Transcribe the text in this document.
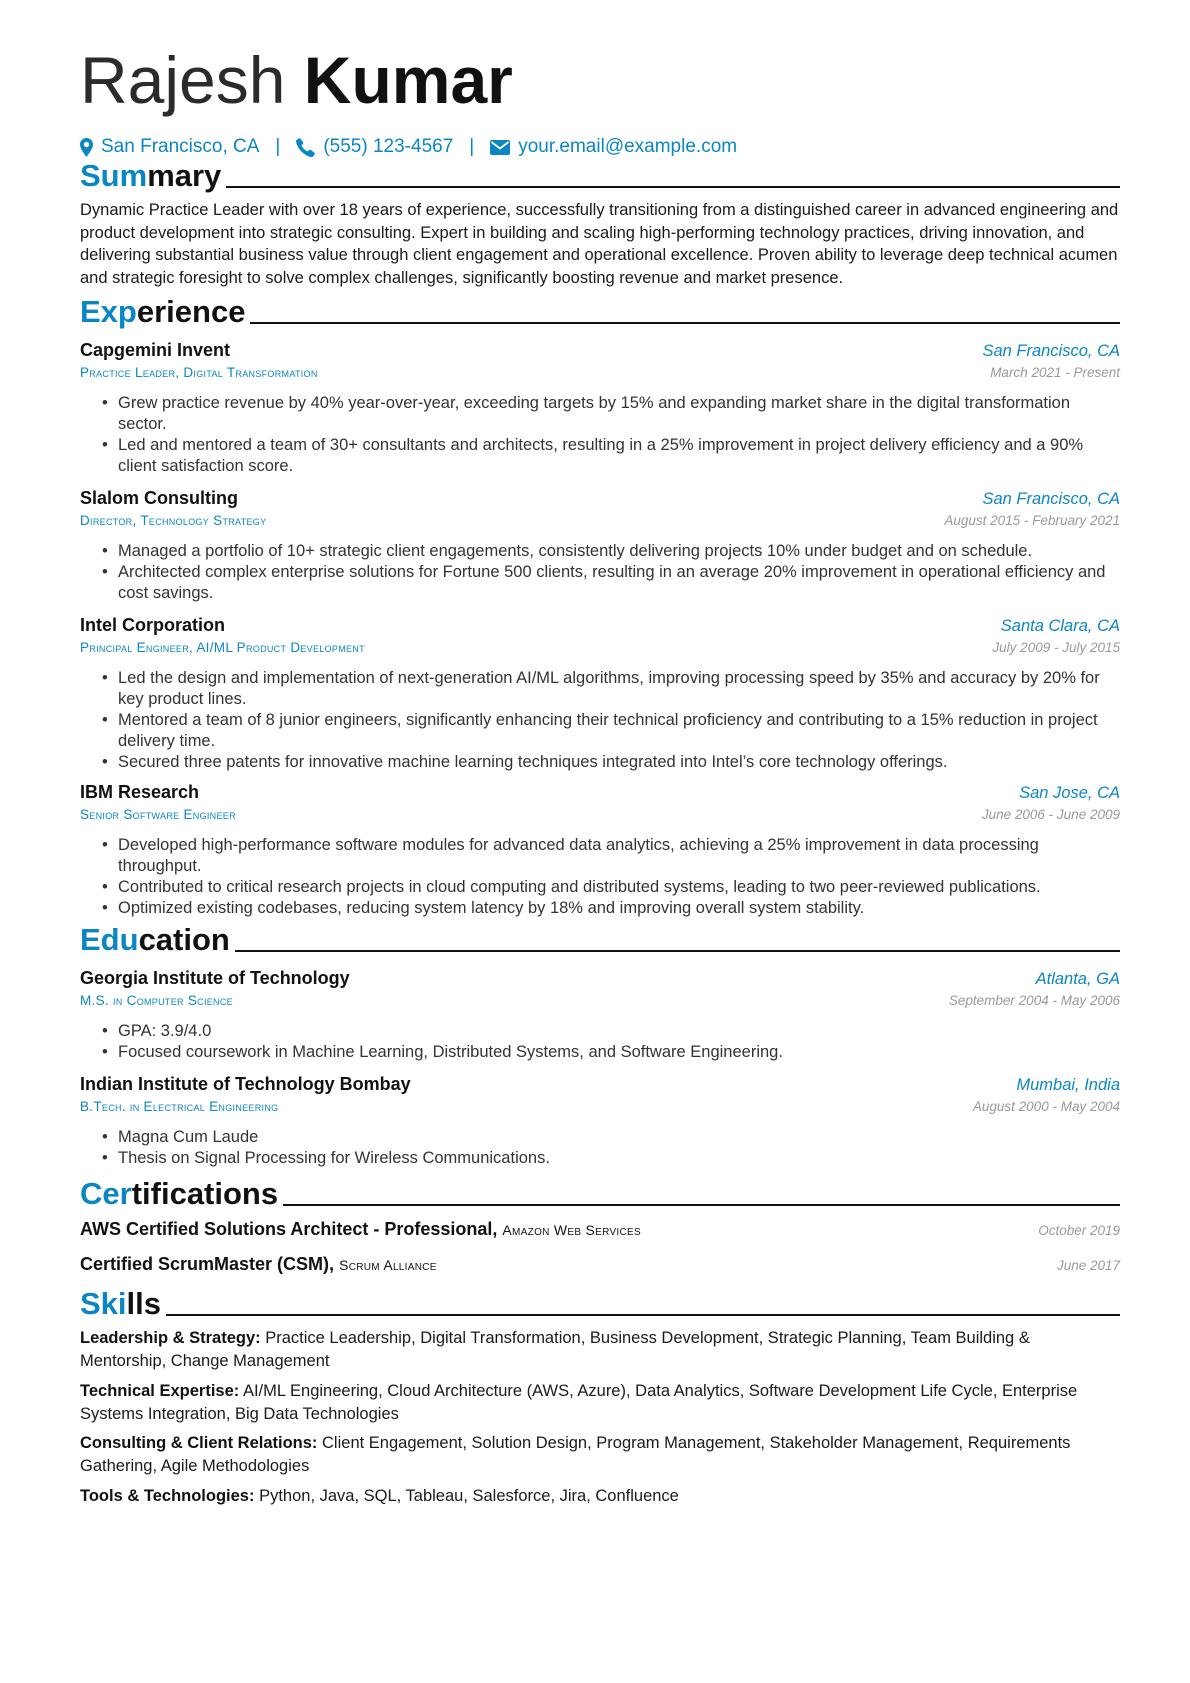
Rajesh Kumar
San Francisco, CA | (555) 123-4567 | your.email@example.com
Summary
Dynamic Practice Leader with over 18 years of experience, successfully transitioning from a distinguished career in advanced engineering and product development into strategic consulting. Expert in building and scaling high-performing technology practices, driving innovation, and delivering substantial business value through client engagement and operational excellence. Proven ability to leverage deep technical acumen and strategic foresight to solve complex challenges, significantly boosting revenue and market presence.
Experience
Capgemini Invent	San Francisco, CA
Practice Leader, Digital Transformation	March 2021 - Present
• Grew practice revenue by 40% year-over-year, exceeding targets by 15% and expanding market share in the digital transformation sector.
• Led and mentored a team of 30+ consultants and architects, resulting in a 25% improvement in project delivery efficiency and a 90% client satisfaction score.
Slalom Consulting	San Francisco, CA
Director, Technology Strategy	August 2015 - February 2021
• Managed a portfolio of 10+ strategic client engagements, consistently delivering projects 10% under budget and on schedule.
• Architected complex enterprise solutions for Fortune 500 clients, resulting in an average 20% improvement in operational efficiency and cost savings.
Intel Corporation	Santa Clara, CA
Principal Engineer, AI/ML Product Development	July 2009 - July 2015
• Led the design and implementation of next-generation AI/ML algorithms, improving processing speed by 35% and accuracy by 20% for key product lines.
• Mentored a team of 8 junior engineers, significantly enhancing their technical proficiency and contributing to a 15% reduction in project delivery time.
• Secured three patents for innovative machine learning techniques integrated into Intel’s core technology offerings.
IBM Research	San Jose, CA
Senior Software Engineer	June 2006 - June 2009
• Developed high-performance software modules for advanced data analytics, achieving a 25% improvement in data processing throughput.
• Contributed to critical research projects in cloud computing and distributed systems, leading to two peer-reviewed publications.
• Optimized existing codebases, reducing system latency by 18% and improving overall system stability.
Education
Georgia Institute of Technology	Atlanta, GA
M.S. in Computer Science	September 2004 - May 2006
• GPA: 3.9/4.0
• Focused coursework in Machine Learning, Distributed Systems, and Software Engineering.
Indian Institute of Technology Bombay	Mumbai, India
B.Tech. in Electrical Engineering	August 2000 - May 2004
• Magna Cum Laude
• Thesis on Signal Processing for Wireless Communications.
Certifications
AWS Certified Solutions Architect - Professional, Amazon Web Services	October 2019
Certified ScrumMaster (CSM), Scrum Alliance	June 2017
Skills
Leadership & Strategy: Practice Leadership, Digital Transformation, Business Development, Strategic Planning, Team Building & Mentorship, Change Management
Technical Expertise: AI/ML Engineering, Cloud Architecture (AWS, Azure), Data Analytics, Software Development Life Cycle, Enterprise Systems Integration, Big Data Technologies
Consulting & Client Relations: Client Engagement, Solution Design, Program Management, Stakeholder Management, Requirements Gathering, Agile Methodologies
Tools & Technologies: Python, Java, SQL, Tableau, Salesforce, Jira, Confluence
